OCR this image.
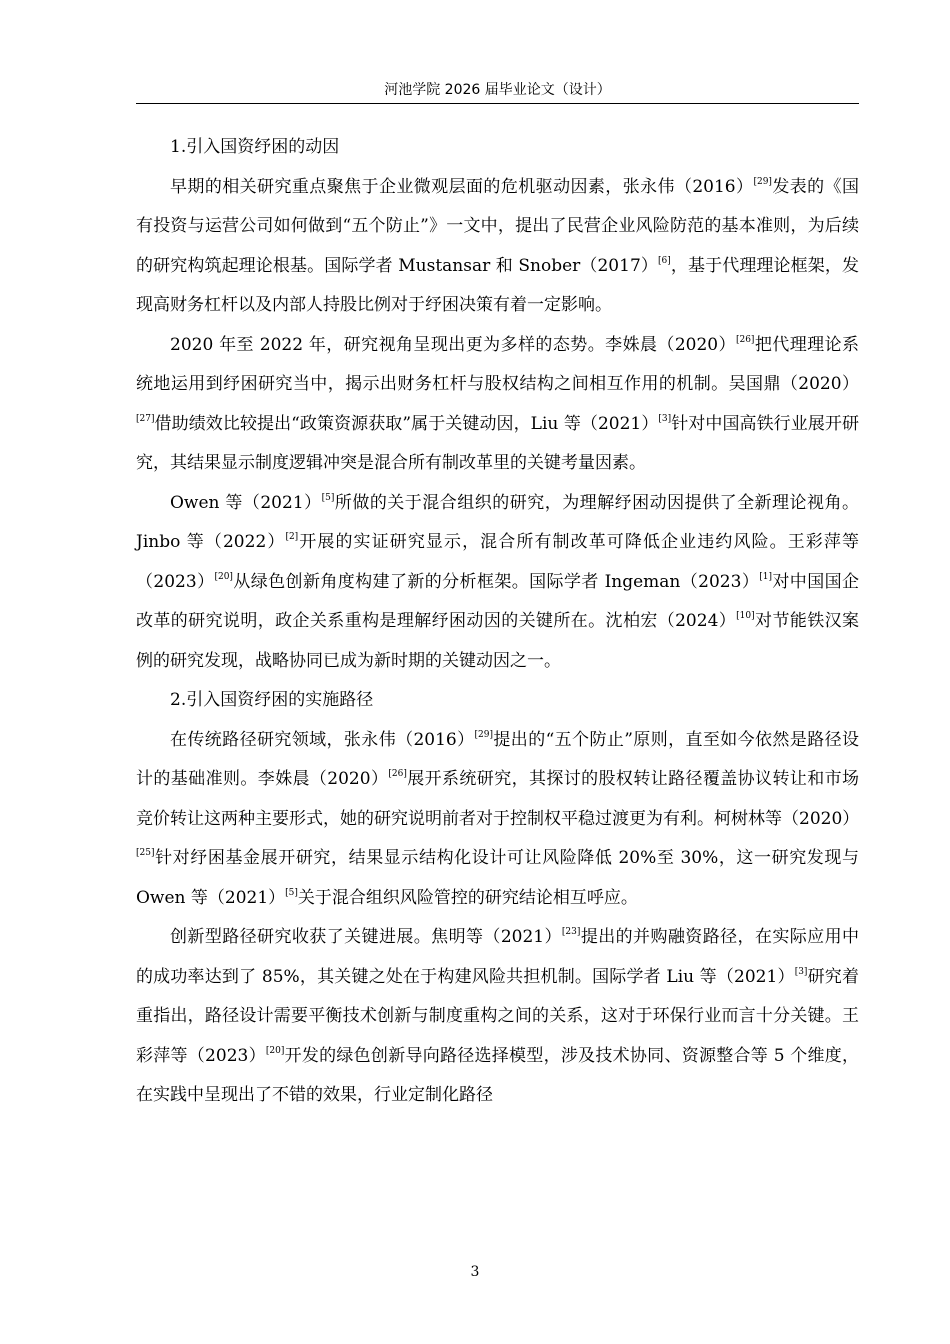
河池学院 2026 届毕业论文（设计）

1.引入国资纾困的动因

早期的相关研究重点聚焦于企业微观层面的危机驱动因素，张永伟（2016）[29]发表的《国有投资与运营公司如何做到“五个防止”》一文中，提出了民营企业风险防范的基本准则，为后续的研究构筑起理论根基。国际学者 Mustansar 和 Snober（2017）[6]，基于代理理论框架，发现高财务杠杆以及内部人持股比例对于纾困决策有着一定影响。

2020 年至 2022 年，研究视角呈现出更为多样的态势。李姝晨（2020）[26]把代理理论系统地运用到纾困研究当中，揭示出财务杠杆与股权结构之间相互作用的机制。吴国鼎（2020）[27]借助绩效比较提出“政策资源获取”属于关键动因，Liu 等（2021）[3]针对中国高铁行业展开研究，其结果显示制度逻辑冲突是混合所有制改革里的关键考量因素。

Owen 等（2021）[5]所做的关于混合组织的研究，为理解纾困动因提供了全新理论视角。Jinbo 等（2022）[2]开展的实证研究显示，混合所有制改革可降低企业违约风险。王彩萍等（2023）[20]从绿色创新角度构建了新的分析框架。国际学者 Ingeman（2023）[1]对中国国企改革的研究说明，政企关系重构是理解纾困动因的关键所在。沈柏宏（2024）[10]对节能铁汉案例的研究发现，战略协同已成为新时期的关键动因之一。

2.引入国资纾困的实施路径

在传统路径研究领域，张永伟（2016）[29]提出的“五个防止”原则，直至如今依然是路径设计的基础准则。李姝晨（2020）[26]展开系统研究，其探讨的股权转让路径覆盖协议转让和市场竞价转让这两种主要形式，她的研究说明前者对于控制权平稳过渡更为有利。柯树林等（2020）[25]针对纾困基金展开研究，结果显示结构化设计可让风险降低 20%至 30%，这一研究发现与 Owen 等（2021）[5]关于混合组织风险管控的研究结论相互呼应。

创新型路径研究收获了关键进展。焦明等（2021）[23]提出的并购融资路径，在实际应用中的成功率达到了 85%，其关键之处在于构建风险共担机制。国际学者 Liu 等（2021）[3]研究着重指出，路径设计需要平衡技术创新与制度重构之间的关系，这对于环保行业而言十分关键。王彩萍等（2023）[20]开发的绿色创新导向路径选择模型，涉及技术协同、资源整合等 5 个维度，在实践中呈现出了不错的效果，行业定制化路径

3
